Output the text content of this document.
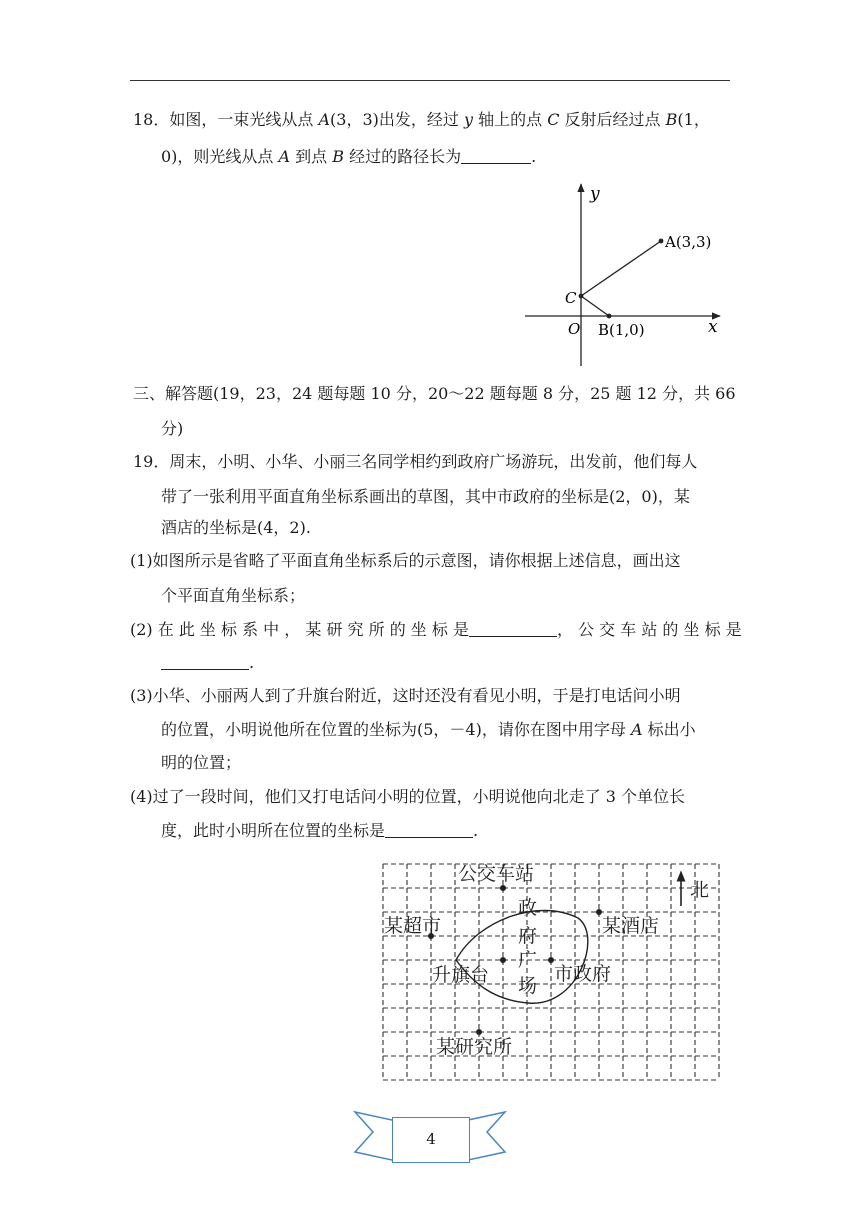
18．如图，一束光线从点 A(3，3)出发，经过 y 轴上的点 C 反射后经过点 B(1，
0)，则光线从点 A 到点 B 经过的路径长为	.
y
x
O
C
A(3,3)
B(1,0)
三、解答题(19，23，24 题每题 10 分，20～22 题每题 8 分，25 题 12 分，共 66
分)
19．周末，小明、小华、小丽三名同学相约到政府广场游玩，出发前，他们每人
带了一张利用平面直角坐标系画出的草图，其中市政府的坐标是(2，0)，某
酒店的坐标是(4，2).
(1)如图所示是省略了平面直角坐标系后的示意图，请你根据上述信息，画出这
个平面直角坐标系；
(2) 在 此 坐 标 系 中 ， 某 研 究 所 的 坐 标 是	， 公 交 车 站 的 坐 标 是
.
(3)小华、小丽两人到了升旗台附近，这时还没有看见小明，于是打电话问小明
的位置，小明说他所在位置的坐标为(5，－4)，请你在图中用字母 A 标出小
明的位置；
(4)过了一段时间，他们又打电话问小明的位置，小明说他向北走了 3 个单位长
度，此时小明所在位置的坐标是	.
公交车站
北
某超市	某酒店
政
府
广
场
升旗台	市政府
某研究所
4
